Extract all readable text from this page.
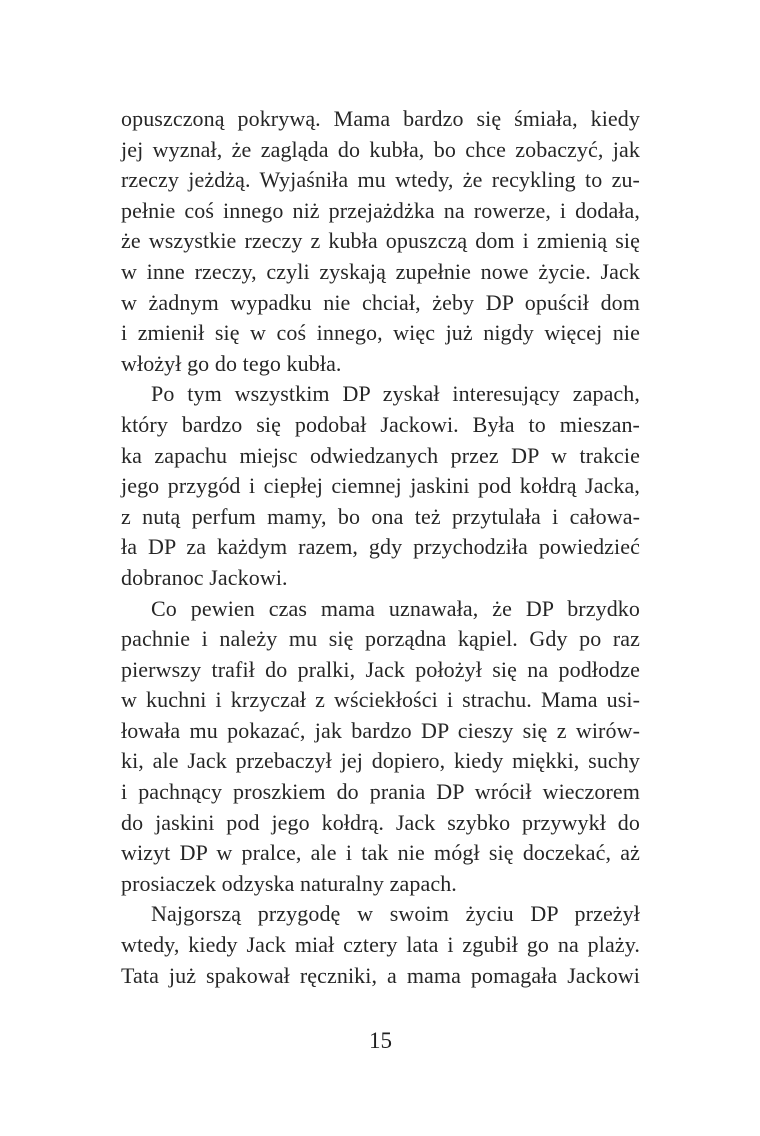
opuszczoną pokrywą. Mama bardzo się śmiała, kiedy
jej wyznał, że zagląda do kubła, bo chce zobaczyć, jak
rzeczy jeżdżą. Wyjaśniła mu wtedy, że recykling to zu-
pełnie coś innego niż przejażdżka na rowerze, i dodała,
że wszystkie rzeczy z kubła opuszczą dom i zmienią się
w inne rzeczy, czyli zyskają zupełnie nowe życie. Jack
w żadnym wypadku nie chciał, żeby DP opuścił dom
i zmienił się w coś innego, więc już nigdy więcej nie
włożył go do tego kubła.
Po tym wszystkim DP zyskał interesujący zapach,
który bardzo się podobał Jackowi. Była to mieszan-
ka zapachu miejsc odwiedzanych przez DP w trakcie
jego przygód i ciepłej ciemnej jaskini pod kołdrą Jacka,
z nutą perfum mamy, bo ona też przytulała i całowa-
ła DP za każdym razem, gdy przychodziła powiedzieć
dobranoc Jackowi.
Co pewien czas mama uznawała, że DP brzydko
pachnie i należy mu się porządna kąpiel. Gdy po raz
pierwszy trafił do pralki, Jack położył się na podłodze
w kuchni i krzyczał z wściekłości i strachu. Mama usi-
łowała mu pokazać, jak bardzo DP cieszy się z wirów-
ki, ale Jack przebaczył jej dopiero, kiedy miękki, suchy
i pachnący proszkiem do prania DP wrócił wieczorem
do jaskini pod jego kołdrą. Jack szybko przywykł do
wizyt DP w pralce, ale i tak nie mógł się doczekać, aż
prosiaczek odzyska naturalny zapach.
Najgorszą przygodę w swoim życiu DP przeżył
wtedy, kiedy Jack miał cztery lata i zgubił go na plaży.
Tata już spakował ręczniki, a mama pomagała Jackowi
15
